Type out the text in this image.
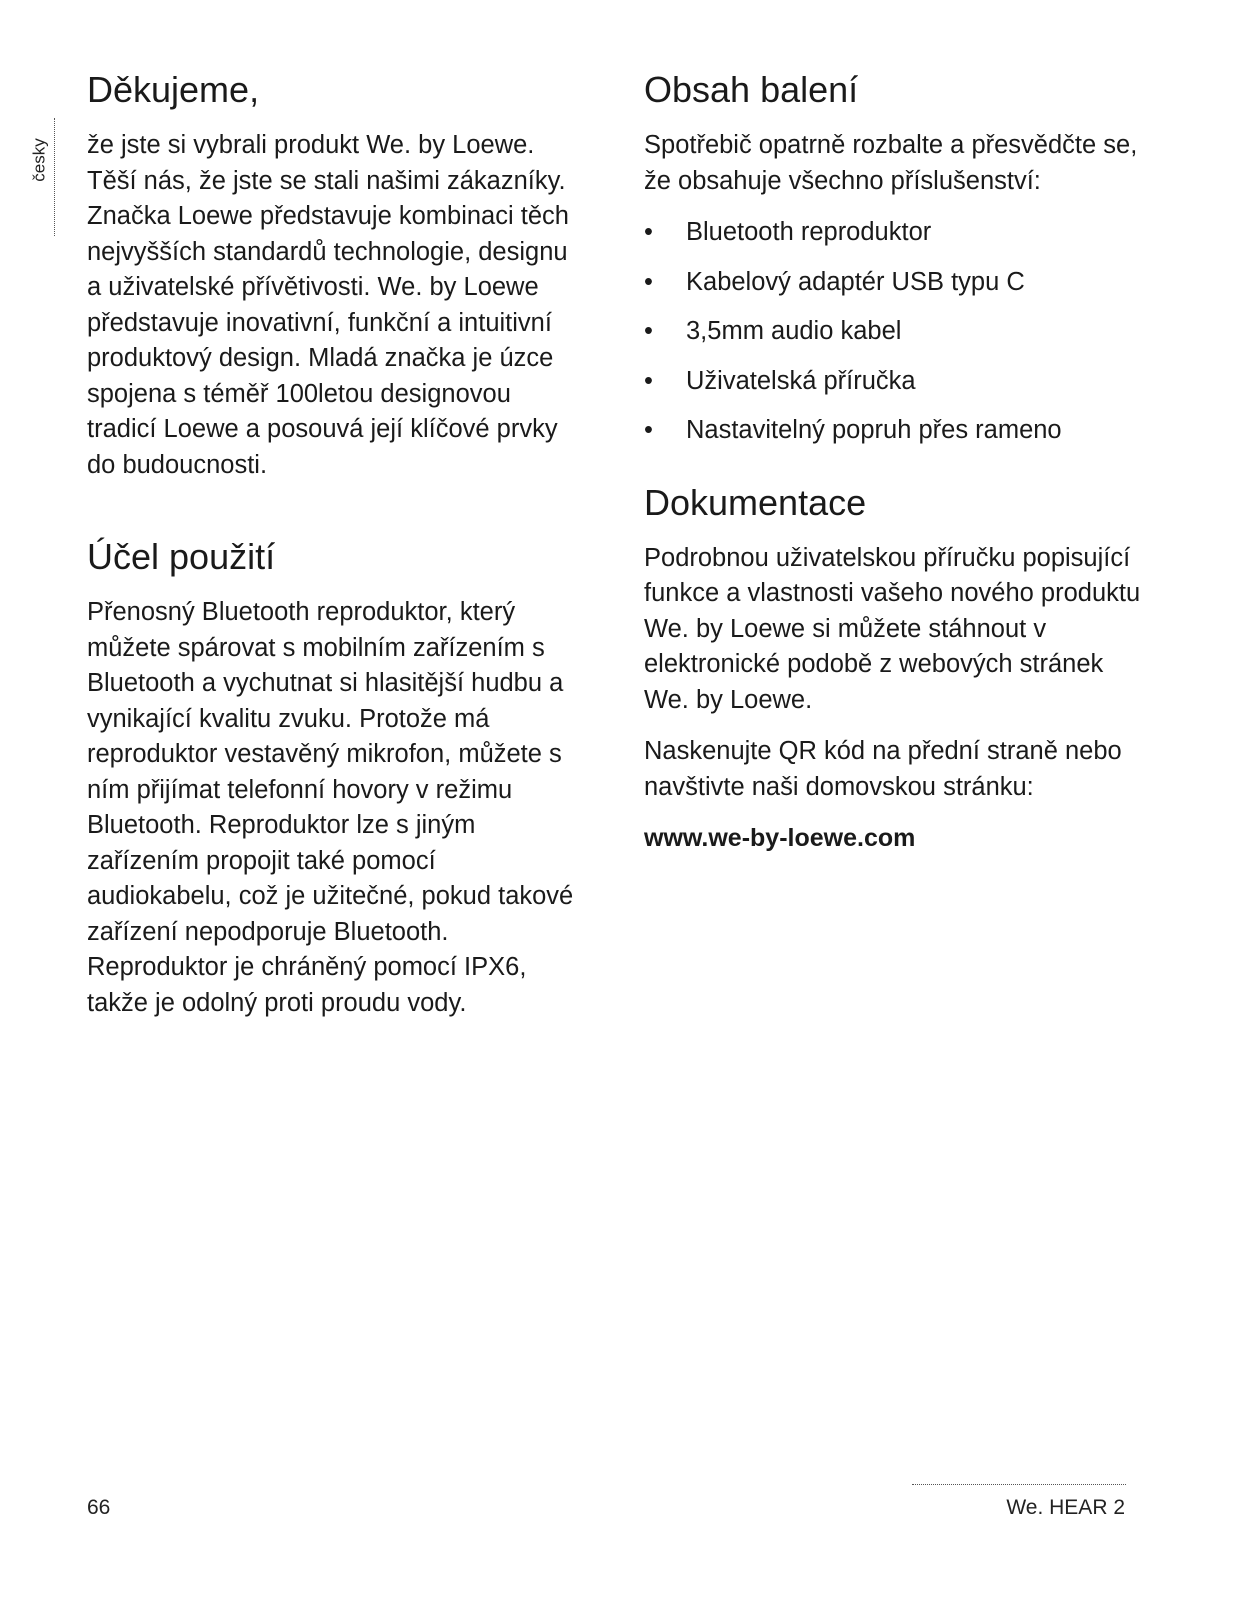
česky
Děkujeme,

že jste si vybrali produkt We. by Loewe. Těší nás, že jste se stali našimi zákazníky. Značka Loewe představuje kombinaci těch nejvyšších standardů technologie, designu a uživatelské přívětivosti. We. by Loewe představuje inovativní, funkční a intuitivní produktový design. Mladá značka je úzce spojena s téměř 100letou designovou tradicí Loewe a posouvá její klíčové prvky do budoucnosti.

Účel použití

Přenosný Bluetooth reproduktor, který můžete spárovat s mobilním zařízením s Bluetooth a vychutnat si hlasitější hudbu a vynikající kvalitu zvuku. Protože má reproduktor vestavěný mikrofon, můžete s ním přijímat telefonní hovory v režimu Bluetooth. Reproduktor lze s jiným zařízením propojit také pomocí audiokabelu, což je užitečné, pokud takové zařízení nepodporuje Bluetooth. Reproduktor je chráněný pomocí IPX6, takže je odolný proti proudu vody.

Obsah balení

Spotřebič opatrně rozbalte a přesvědčte se, že obsahuje všechno příslušenství:

• Bluetooth reproduktor
• Kabelový adaptér USB typu C
• 3,5mm audio kabel
• Uživatelská příručka
• Nastavitelný popruh přes rameno
Dokumentace

Podrobnou uživatelskou příručku popisující funkce a vlastnosti vašeho nového produktu We. by Loewe si můžete stáhnout v elektronické podobě z webových stránek We. by Loewe.

Naskenujte QR kód na přední straně nebo navštivte naši domovskou stránku:

www.we-by-loewe.com

66	We. HEAR 2
